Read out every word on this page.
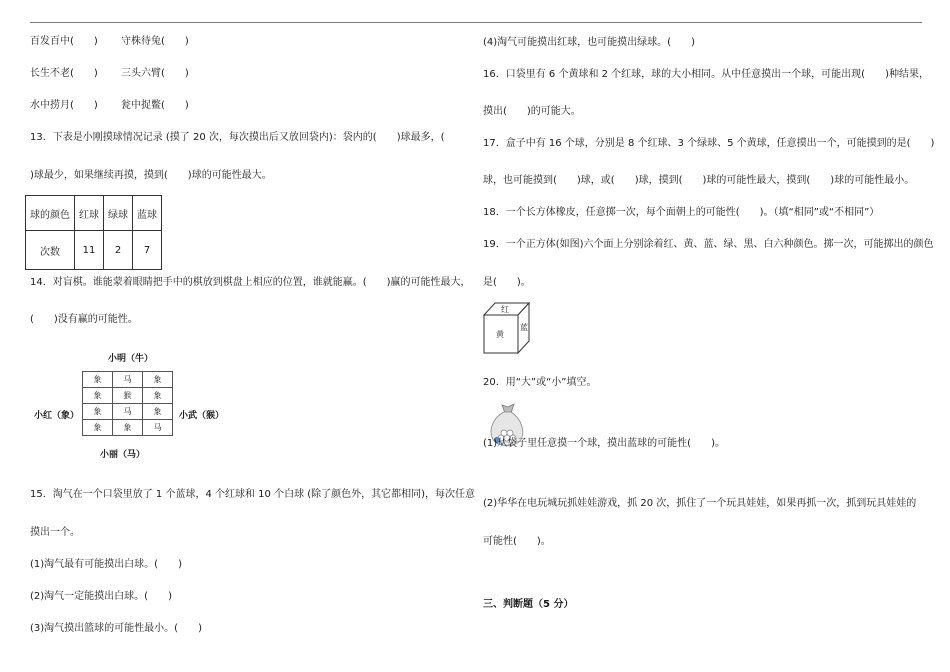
百发百中(　　) 守株待兔(　　)
长生不老(　　) 三头六臂(　　)
水中捞月(　　) 瓮中捉鳖(　　)
13．下表是小刚摸球情况记录 (摸了 20 次，每次摸出后又放回袋内)：袋内的(　　)球最多，(
)球最少，如果继续再摸，摸到(　　)球的可能性最大。
球的颜色	红球	绿球	蓝球
次数	11	2	7
14．对盲棋。谁能蒙着眼睛把手中的棋放到棋盘上相应的位置，谁就能赢。(　　)赢的可能性最大，
(　　)没有赢的可能性。
小明（牛）
小红（象）	小武（猴）
小丽（马）
象	马	象
象	猴	象
象	马	象
象	象	马
15．淘气在一个口袋里放了 1 个蓝球，4 个红球和 10 个白球 (除了颜色外，其它都相同)，每次任意
摸出一个。
(1)淘气最有可能摸出白球。(　　)
(2)淘气一定能摸出白球。(　　)
(3)淘气摸出篮球的可能性最小。(　　)
(4)淘气可能摸出红球，也可能摸出绿球。(　　)
16．口袋里有 6 个黄球和 2 个红球，球的大小相同。从中任意摸出一个球，可能出现(　　)种结果，
摸出(　　)的可能大。
17．盒子中有 16 个球，分别是 8 个红球、3 个绿球、5 个黄球，任意摸出一个，可能摸到的是(　　)
球，也可能摸到(　　)球，或(　　)球，摸到(　　)球的可能性最大，摸到(　　)球的可能性最小。
18．一个长方体橡皮，任意掷一次，每个面朝上的可能性(　　)。（填“相同”或“不相同”）
19．一个正方体(如图)六个面上分别涂着红、黄、蓝、绿、黑、白六种颜色。掷一次，可能掷出的颜色
是(　　)。
红
黄
蓝
20．用“大”或“小”填空。
(1)从袋子里任意摸一个球，摸出蓝球的可能性(　　)。
(2)华华在电玩城玩抓娃娃游戏，抓 20 次，抓住了一个玩具娃娃，如果再抓一次，抓到玩具娃娃的
可能性(　　)。
三、判断题（5 分）
